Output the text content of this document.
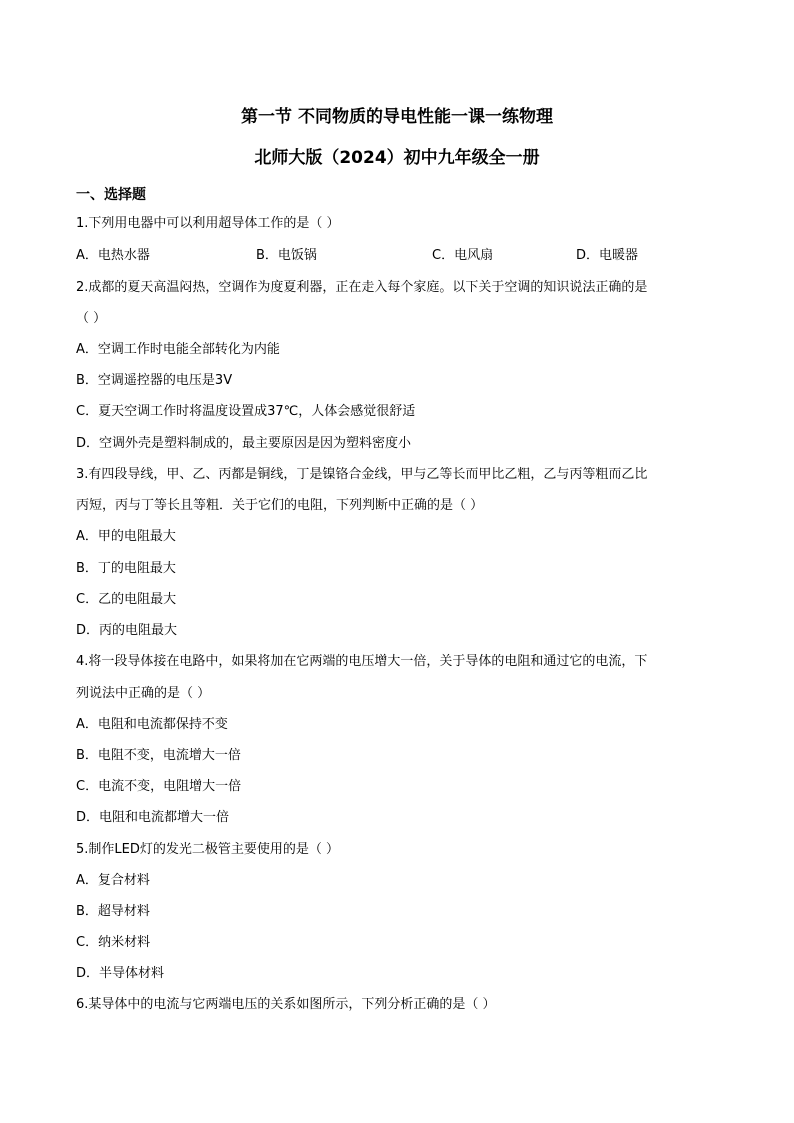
第一节 不同物质的导电性能一课一练物理
北师大版（2024）初中九年级全一册
一、选择题
1.下列用电器中可以利用超导体工作的是（ ）
A．电热水器	B．电饭锅	C．电风扇	D．电暖器
2.成都的夏天高温闷热，空调作为度夏利器，正在走入每个家庭。以下关于空调的知识说法正确的是
（ ）
A．空调工作时电能全部转化为内能
B．空调遥控器的电压是3V
C．夏天空调工作时将温度设置成37℃，人体会感觉很舒适
D．空调外壳是塑料制成的，最主要原因是因为塑料密度小
3.有四段导线，甲、乙、丙都是铜线，丁是镍铬合金线，甲与乙等长而甲比乙粗，乙与丙等粗而乙比
丙短，丙与丁等长且等粗．关于它们的电阻，下列判断中正确的是（ ）
A．甲的电阻最大
B．丁的电阻最大
C．乙的电阻最大
D．丙的电阻最大
4.将一段导体接在电路中，如果将加在它两端的电压增大一倍，关于导体的电阻和通过它的电流，下
列说法中正确的是（ ）
A．电阻和电流都保持不变
B．电阻不变，电流增大一倍
C．电流不变，电阻增大一倍
D．电阻和电流都增大一倍
5.制作LED灯的发光二极管主要使用的是（ ）
A．复合材料
B．超导材料
C．纳米材料
D．半导体材料
6.某导体中的电流与它两端电压的关系如图所示，下列分析正确的是（ ）
